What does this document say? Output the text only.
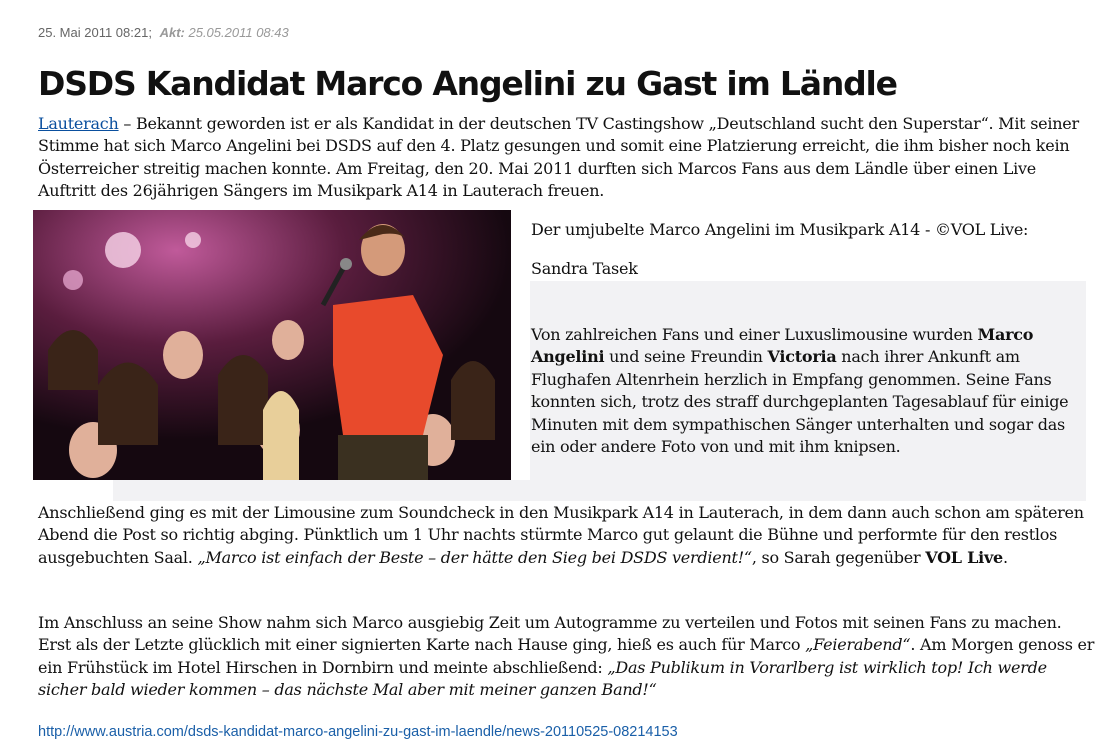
25. Mai 2011 08:21; Akt: 25.05.2011 08:43
DSDS Kandidat Marco Angelini zu Gast im Ländle

Lauterach – Bekannt geworden ist er als Kandidat in der deutschen TV Castingshow „Deutschland sucht den Superstar“. Mit seiner Stimme hat sich Marco Angelini bei DSDS auf den 4. Platz gesungen und somit eine Platzierung erreicht, die ihm bisher noch kein Österreicher streitig machen konnte. Am Freitag, den 20. Mai 2011 durften sich Marcos Fans aus dem Ländle über einen Live Auftritt des 26jährigen Sängers im Musikpark A14 in Lauterach freuen.

Der umjubelte Marco Angelini im Musikpark A14 - ©VOL Live:
Sandra Tasek
Von zahlreichen Fans und einer Luxuslimousine wurden Marco Angelini und seine Freundin Victoria nach ihrer Ankunft am Flughafen Altenrhein herzlich in Empfang genommen. Seine Fans konnten sich, trotz des straff durchgeplanten Tagesablauf für einige Minuten mit dem sympathischen Sänger unterhalten und sogar das ein oder andere Foto von und mit ihm knipsen.

Anschließend ging es mit der Limousine zum Soundcheck in den Musikpark A14 in Lauterach, in dem dann auch schon am späteren Abend die Post so richtig abging. Pünktlich um 1 Uhr nachts stürmte Marco gut gelaunt die Bühne und performte für den restlos ausgebuchten Saal. „Marco ist einfach der Beste – der hätte den Sieg bei DSDS verdient!“, so Sarah gegenüber VOL Live.

Im Anschluss an seine Show nahm sich Marco ausgiebig Zeit um Autogramme zu verteilen und Fotos mit seinen Fans zu machen. Erst als der Letzte glücklich mit einer signierten Karte nach Hause ging, hieß es auch für Marco „Feierabend“. Am Morgen genoss er ein Frühstück im Hotel Hirschen in Dornbirn und meinte abschließend: „Das Publikum in Vorarlberg ist wirklich top! Ich werde sicher bald wieder kommen – das nächste Mal aber mit meiner ganzen Band!“

http://www.austria.com/dsds-kandidat-marco-angelini-zu-gast-im-laendle/news-20110525-08214153
